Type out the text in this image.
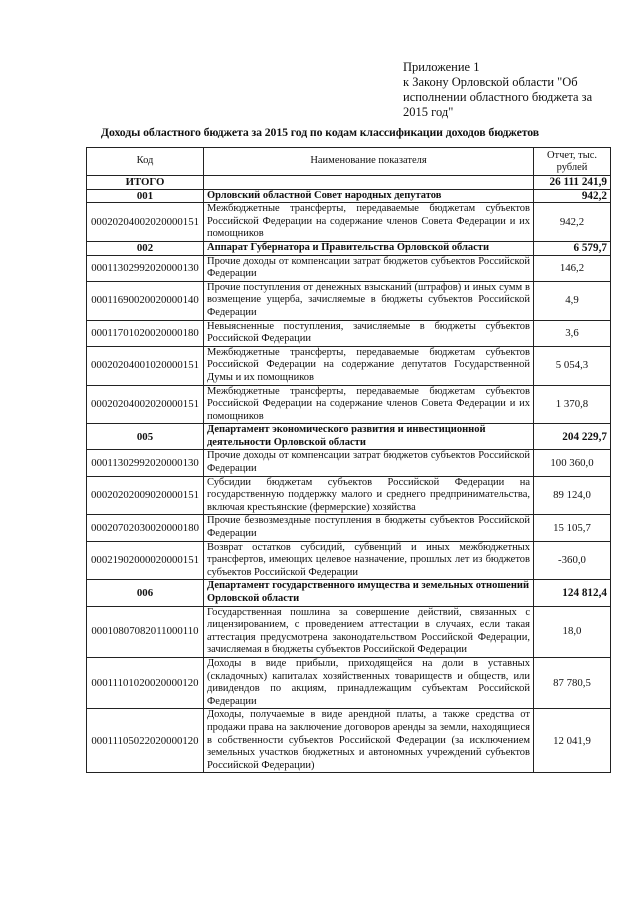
Приложение 1
к Закону Орловской области "Об исполнении областного бюджета за 2015 год"
Доходы областного бюджета за 2015 год по кодам классификации доходов бюджетов
Код	Наименование показателя	Отчет, тыс. рублей
ИТОГО		26 111 241,9
001	Орловский областной Совет народных депутатов	942,2
00020204002020000151	Межбюджетные трансферты, передаваемые бюджетам субъектов Российской Федерации на содержание членов Совета Федерации и их помощников	942,2
002	Аппарат Губернатора и Правительства Орловской области	6 579,7
00011302992020000130	Прочие доходы от компенсации затрат бюджетов субъектов Российской Федерации	146,2
00011690020020000140	Прочие поступления от денежных взысканий (штрафов) и иных сумм в возмещение ущерба, зачисляемые в бюджеты субъектов Российской Федерации	4,9
00011701020020000180	Невыясненные поступления, зачисляемые в бюджеты субъектов Российской Федерации	3,6
00020204001020000151	Межбюджетные трансферты, передаваемые бюджетам субъектов Российской Федерации на содержание депутатов Государственной Думы и их помощников	5 054,3
00020204002020000151	Межбюджетные трансферты, передаваемые бюджетам субъектов Российской Федерации на содержание членов Совета Федерации и их помощников	1 370,8
005	Департамент экономического развития и инвестиционной деятельности Орловской области	204 229,7
00011302992020000130	Прочие доходы от компенсации затрат бюджетов субъектов Российской Федерации	100 360,0
00020202009020000151	Субсидии бюджетам субъектов Российской Федерации на государственную поддержку малого и среднего предпринимательства, включая крестьянские (фермерские) хозяйства	89 124,0
00020702030020000180	Прочие безвозмездные поступления в бюджеты субъектов Российской Федерации	15 105,7
00021902000020000151	Возврат остатков субсидий, субвенций и иных межбюджетных трансфертов, имеющих целевое назначение, прошлых лет из бюджетов субъектов Российской Федерации	-360,0
006	Департамент государственного имущества и земельных отношений Орловской области	124 812,4
00010807082011000110	Государственная пошлина за совершение действий, связанных с лицензированием, с проведением аттестации в случаях, если такая аттестация предусмотрена законодательством Российской Федерации, зачисляемая в бюджеты субъектов Российской Федерации	18,0
00011101020020000120	Доходы в виде прибыли, приходящейся на доли в уставных (складочных) капиталах хозяйственных товариществ и обществ, или дивидендов по акциям, принадлежащим субъектам Российской Федерации	87 780,5
00011105022020000120	Доходы, получаемые в виде арендной платы, а также средства от продажи права на заключение договоров аренды за земли, находящиеся в собственности субъектов Российской Федерации (за исключением земельных участков бюджетных и автономных учреждений субъектов Российской Федерации)	12 041,9
